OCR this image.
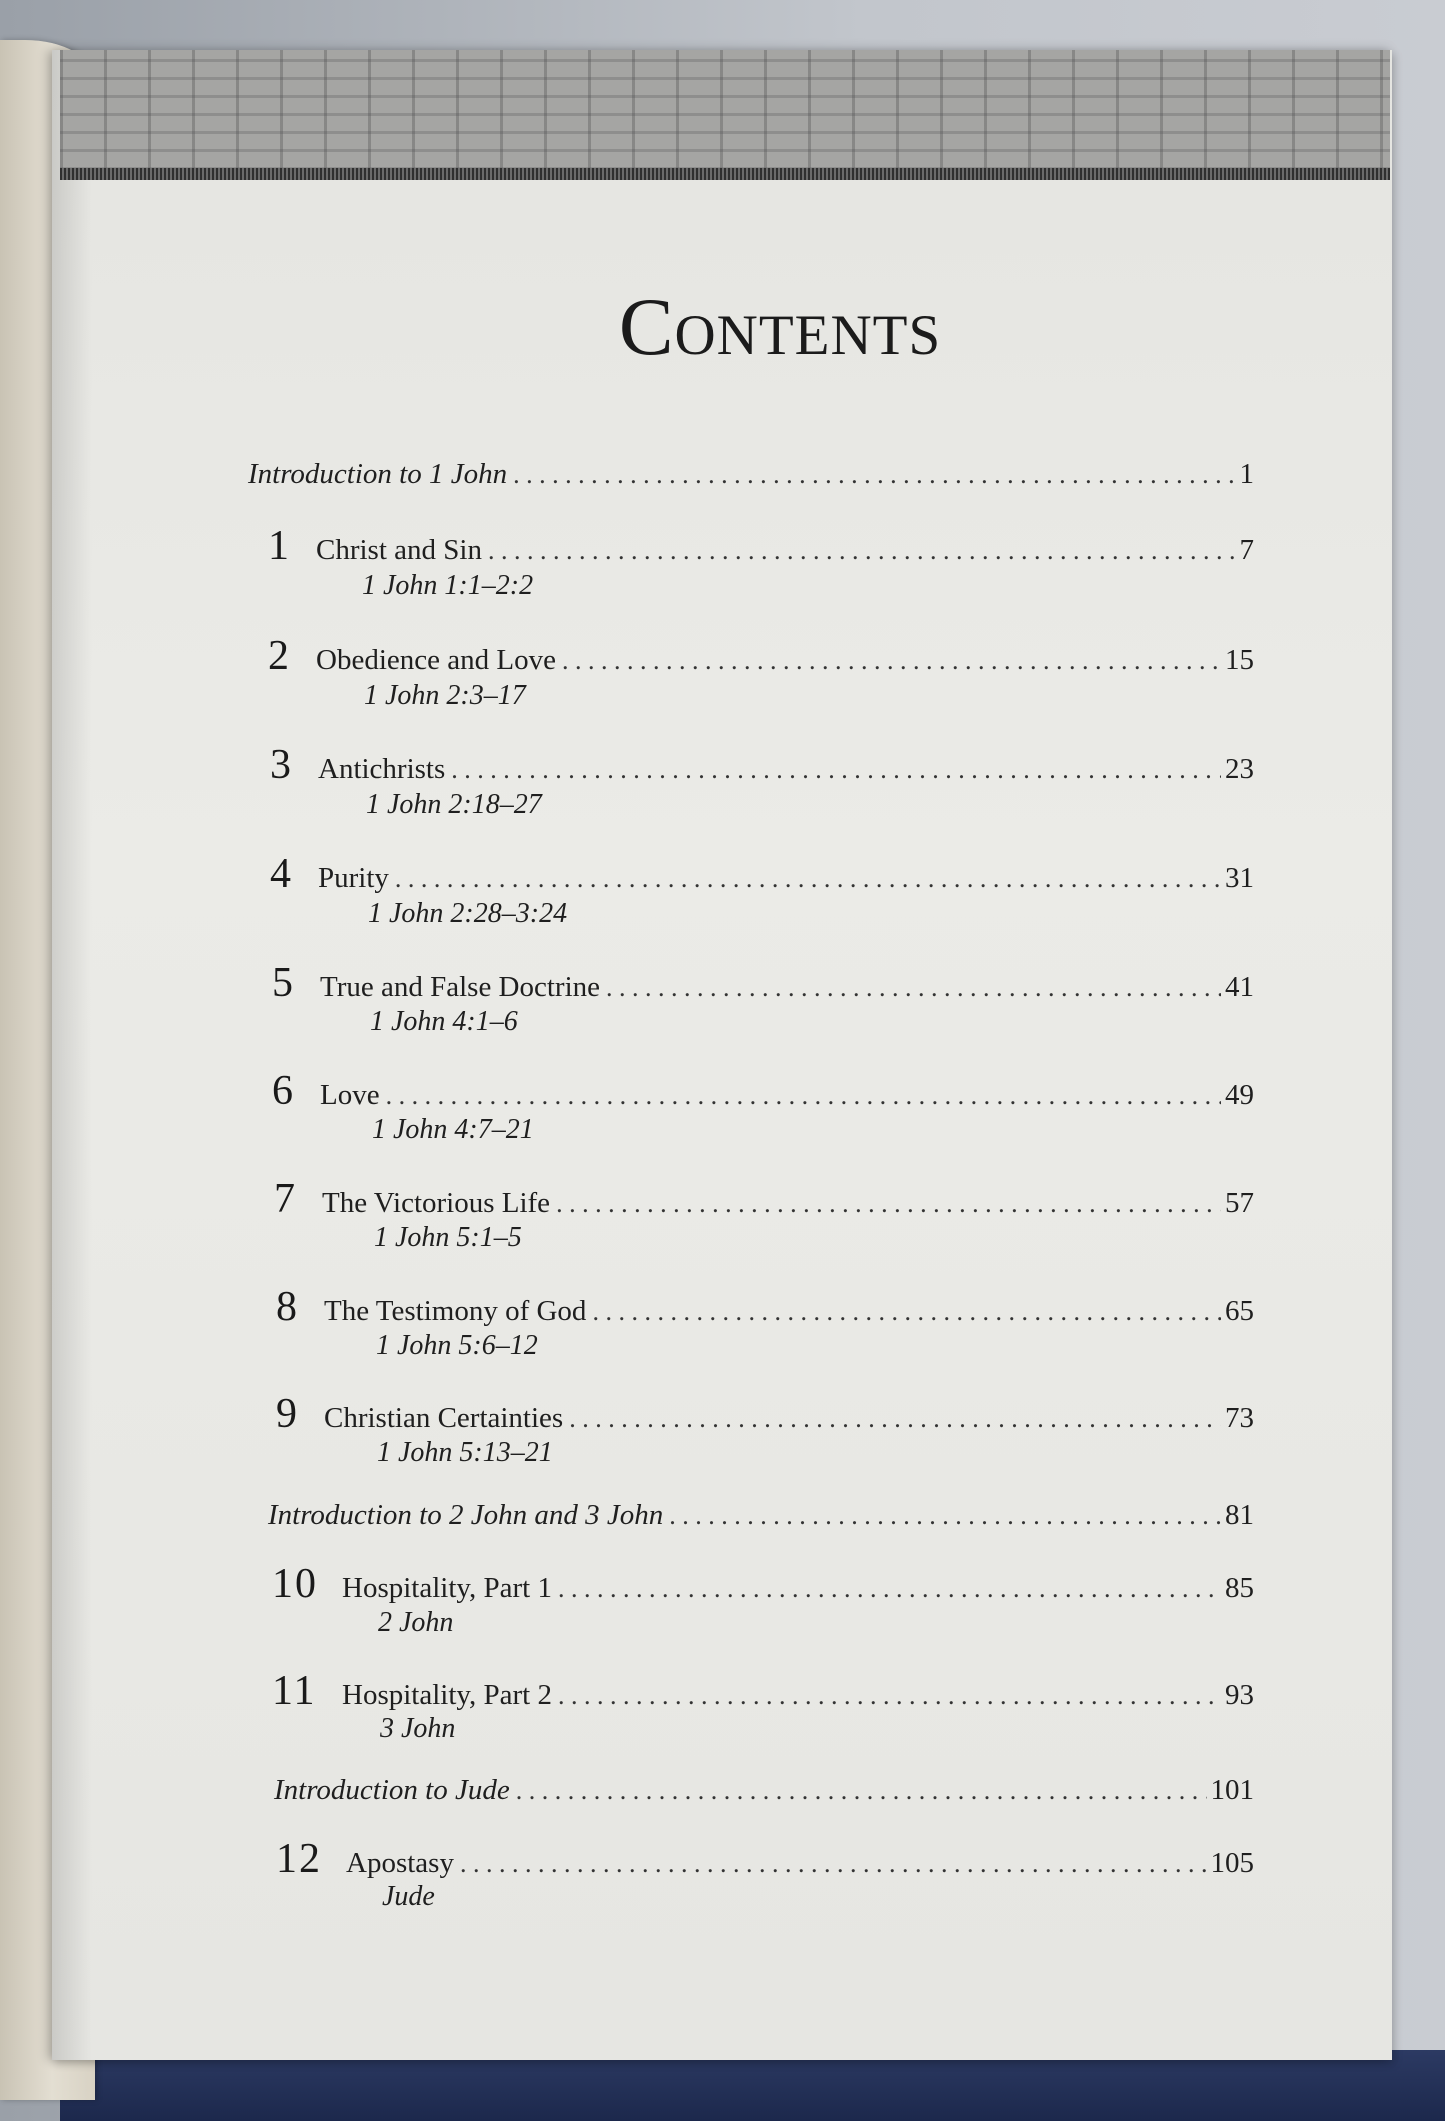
Contents
Introduction to 1 John . . .	1
1 Christ and Sin . . .	7
1 John 1:1–2:2
2 Obedience and Love . . .	15
1 John 2:3–17
3 Antichrists . . .	23
1 John 2:18–27
4 Purity . . .	31
1 John 2:28–3:24
5 True and False Doctrine . . .	41
1 John 4:1–6
6 Love . . .	49
1 John 4:7–21
7 The Victorious Life . . .	57
1 John 5:1–5
8 The Testimony of God . . .	65
1 John 5:6–12
9 Christian Certainties . . .	73
1 John 5:13–21
Introduction to 2 John and 3 John . . .	81
10 Hospitality, Part 1 . . .	85
2 John
11 Hospitality, Part 2 . . .	93
3 John
Introduction to Jude . . .	101
12 Apostasy . . .	105
Jude
